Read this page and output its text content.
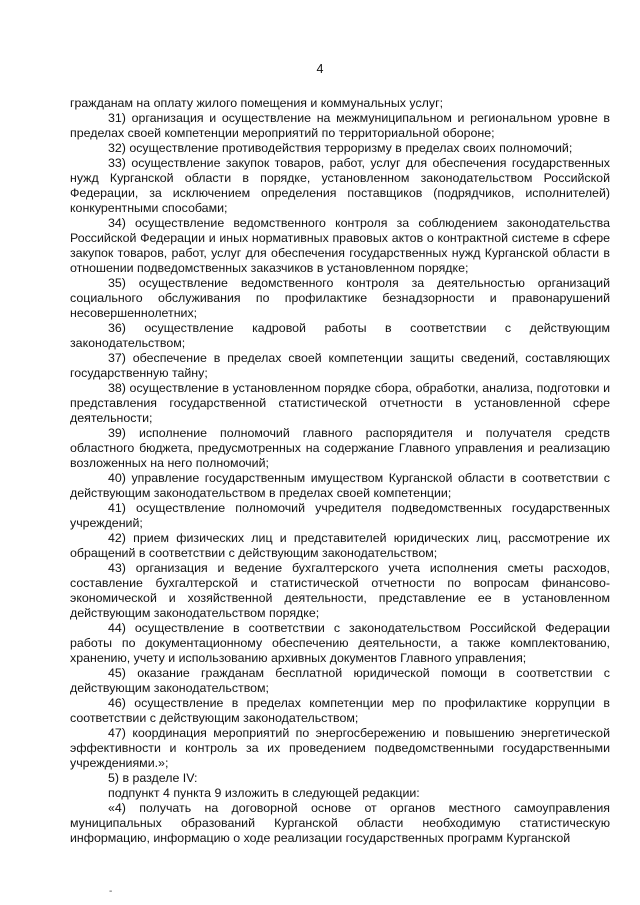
4

гражданам на оплату жилого помещения и коммунальных услуг;

31) организация и осуществление на межмуниципальном и региональном уровне в пределах своей компетенции мероприятий по территориальной обороне;

32) осуществление противодействия терроризму в пределах своих полномочий;

33) осуществление закупок товаров, работ, услуг для обеспечения государственных нужд Курганской области в порядке, установленном законодательством Российской Федерации, за исключением определения поставщиков (подрядчиков, исполнителей) конкурентными способами;

34) осуществление ведомственного контроля за соблюдением законодательства Российской Федерации и иных нормативных правовых актов о контрактной системе в сфере закупок товаров, работ, услуг для обеспечения государственных нужд Курганской области в отношении подведомственных заказчиков в установленном порядке;

35) осуществление ведомственного контроля за деятельностью организаций социального обслуживания по профилактике безнадзорности и правонарушений несовершеннолетних;

36) осуществление кадровой работы в соответствии с действующим законодательством;

37) обеспечение в пределах своей компетенции защиты сведений, составляющих государственную тайну;

38) осуществление в установленном порядке сбора, обработки, анализа, подготовки и представления государственной статистической отчетности в установленной сфере деятельности;

39) исполнение полномочий главного распорядителя и получателя средств областного бюджета, предусмотренных на содержание Главного управления и реализацию возложенных на него полномочий;

40) управление государственным имуществом Курганской области в соответствии с действующим законодательством в пределах своей компетенции;

41) осуществление полномочий учредителя подведомственных государственных учреждений;

42) прием физических лиц и представителей юридических лиц, рассмотрение их обращений в соответствии с действующим законодательством;

43) организация и ведение бухгалтерского учета исполнения сметы расходов, составление бухгалтерской и статистической отчетности по вопросам финансово-экономической и хозяйственной деятельности, представление ее в установленном действующим законодательством порядке;

44) осуществление в соответствии с законодательством Российской Федерации работы по документационному обеспечению деятельности, а также комплектованию, хранению, учету и использованию архивных документов Главного управления;

45) оказание гражданам бесплатной юридической помощи в соответствии с действующим законодательством;

46) осуществление в пределах компетенции мер по профилактике коррупции в соответствии с действующим законодательством;

47) координация мероприятий по энергосбережению и повышению энергетической эффективности и контроль за их проведением подведомственными государственными учреждениями.»;

5) в разделе IV:

подпункт 4 пункта 9 изложить в следующей редакции:

«4) получать на договорной основе от органов местного самоуправления муниципальных образований Курганской области необходимую статистическую информацию, информацию о ходе реализации государственных программ Курганской

-
